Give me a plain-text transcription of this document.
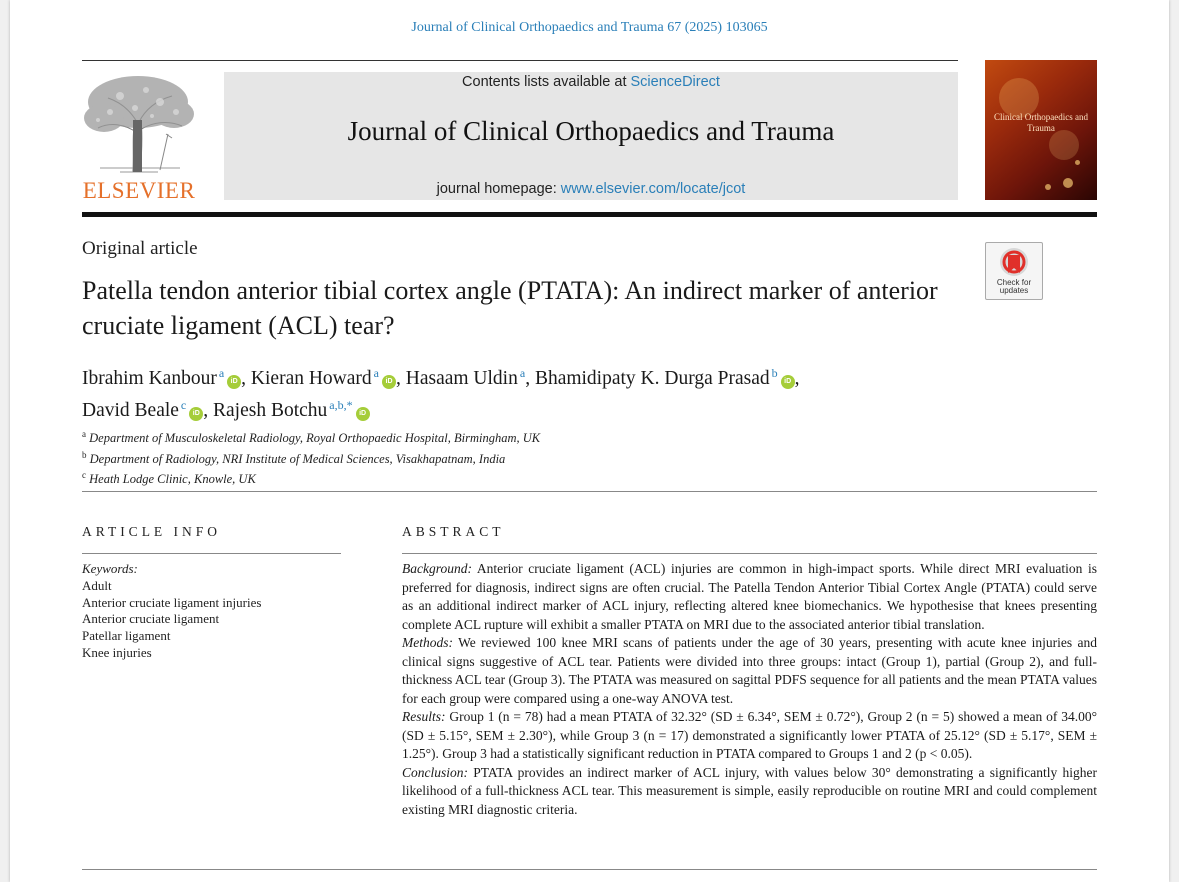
Journal of Clinical Orthopaedics and Trauma 67 (2025) 103065
ELSEVIER
Contents lists available at ScienceDirect
Journal of Clinical Orthopaedics and Trauma
journal homepage: www.elsevier.com/locate/jcot
Clinical Orthopaedics and Trauma
Original article
Patella tendon anterior tibial cortex angle (PTATA): An indirect marker of anterior cruciate ligament (ACL) tear?
Check for updates
Ibrahim Kanbour $^a$iD , Kieran Howard $^a$iD , Hasaam Uldin $^a$, Bhamidipaty K. Durga Prasad $^b$iD ,
David Beale $^c$iD , Rajesh Botchu $^{a,b,*}$iD
$^a$ Department of Musculoskeletal Radiology, Royal Orthopaedic Hospital, Birmingham, UK
$^b$ Department of Radiology, NRI Institute of Medical Sciences, Visakhapatnam, India
$^c$ Heath Lodge Clinic, Knowle, UK
ARTICLE INFO
Keywords:
Adult
Anterior cruciate ligament injuries
Anterior cruciate ligament
Patellar ligament
Knee injuries
ABSTRACT

Background: Anterior cruciate ligament (ACL) injuries are common in high-impact sports. While direct MRI evaluation is preferred for diagnosis, indirect signs are often crucial. The Patella Tendon Anterior Tibial Cortex Angle (PTATA) could serve as an additional indirect marker of ACL injury, reflecting altered knee biomechanics. We hypothesise that knees presenting complete ACL rupture will exhibit a smaller PTATA on MRI due to the associated anterior tibial translation.

Methods: We reviewed 100 knee MRI scans of patients under the age of 30 years, presenting with acute knee injuries and clinical signs suggestive of ACL tear. Patients were divided into three groups: intact (Group 1), partial (Group 2), and full-thickness ACL tear (Group 3). The PTATA was measured on sagittal PDFS sequence for all patients and the mean PTATA values for each group were compared using a one-way ANOVA test.

Results: Group 1 (n = 78) had a mean PTATA of 32.32° (SD ± 6.34°, SEM ± 0.72°), Group 2 (n = 5) showed a mean of 34.00° (SD ± 5.15°, SEM ± 2.30°), while Group 3 (n = 17) demonstrated a significantly lower PTATA of 25.12° (SD ± 5.17°, SEM ± 1.25°). Group 3 had a statistically significant reduction in PTATA compared to Groups 1 and 2 (p < 0.05).

Conclusion: PTATA provides an indirect marker of ACL injury, with values below 30° demonstrating a significantly higher likelihood of a full-thickness ACL tear. This measurement is simple, easily reproducible on routine MRI and could complement existing MRI diagnostic criteria.
